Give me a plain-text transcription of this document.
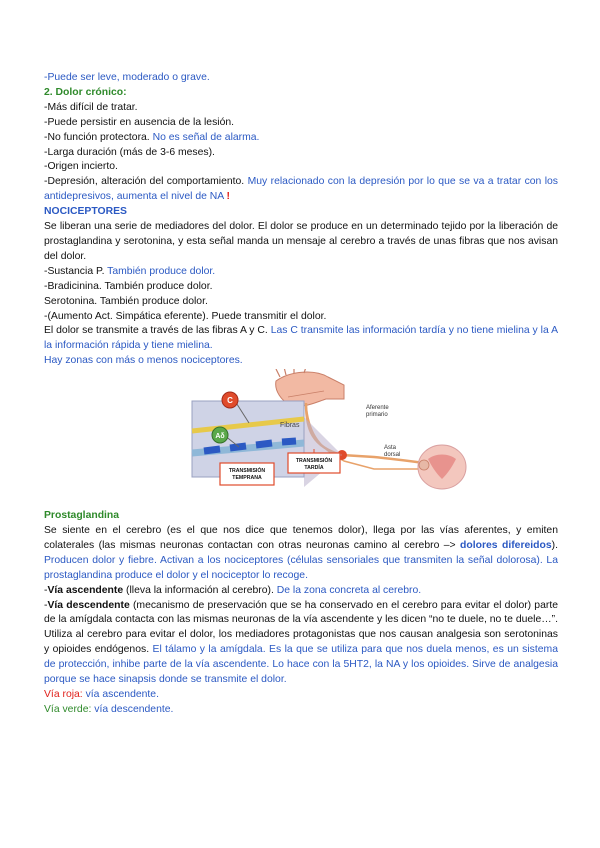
-Puede ser leve, moderado o grave.

2. Dolor crónico:

-Más difícil de tratar.

-Puede persistir en ausencia de la lesión.

-No función protectora. No es señal de alarma.

-Larga duración (más de 3-6 meses).

-Origen incierto.

-Depresión, alteración del comportamiento. Muy relacionado con la depresión por lo que se va a tratar con los antidepresivos, aumenta el nivel de NA !

NOCICEPTORES

Se liberan una serie de mediadores del dolor. El dolor se produce en un determinado tejido por la liberación de prostaglandina y serotonina, y esta señal manda un mensaje al cerebro a través de unas fibras que nos avisan del dolor.

-Sustancia P. También produce dolor.

-Bradicinina. También produce dolor.

Serotonina. También produce dolor.

-(Aumento Act. Simpática eferente). Puede transmitir el dolor.

El dolor se transmite a través de las fibras A y C. Las C transmite las información tardía y no tiene mielina y la A la información rápida y tiene mielina.

Hay zonas con más o menos nociceptores.

C
Aδ
Fibras
Aferente primario
Asta dorsal
TRANSMISIÓN TEMPRANA
TRANSMISIÓN TARDÍA

Prostaglandina

Se siente en el cerebro (es el que nos dice que tenemos dolor), llega por las vías aferentes, y emiten colaterales (las mismas neuronas contactan con otras neuronas camino al cerebro –> dolores difereidos). Producen dolor y fiebre. Activan a los nociceptores (células sensoriales que transmiten la señal dolorosa). La prostaglandina produce el dolor y el nociceptor lo recoge.

-Vía ascendente (lleva la información al cerebro). De la zona concreta al cerebro.

-Vía descendente (mecanismo de preservación que se ha conservado en el cerebro para evitar el dolor) parte de la amígdala contacta con las mismas neuronas de la vía ascendente y les dicen “no te duele, no te duele…”. Utiliza al cerebro para evitar el dolor, los mediadores protagonistas que nos causan analgesia son serotoninas y opioides endógenos. El tálamo y la amígdala. Es la que se utiliza para que nos duela menos, es un sistema de protección, inhibe parte de la vía ascendente. Lo hace con la 5HT2, la NA y los opioides. Sirve de analgesia porque se hace sinapsis donde se transmite el dolor.

Vía roja: vía ascendente.

Vía verde: vía descendente.
